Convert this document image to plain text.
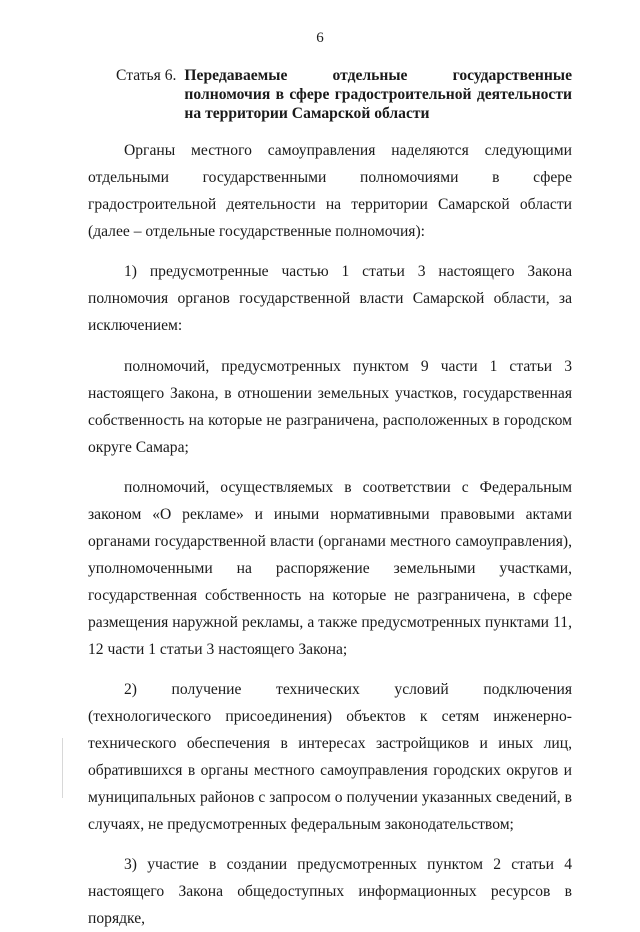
6
Статья 6. Передаваемые отдельные государственные
полномочия в сфере градостроительной деятельности
на территории Самарской области

Органы местного самоуправления наделяются следующими отдельными государственными полномочиями в сфере градостроительной деятельности на территории Самарской области (далее – отдельные государственные полномочия):

1) предусмотренные частью 1 статьи 3 настоящего Закона полномочия органов государственной власти Самарской области, за исключением:

полномочий, предусмотренных пунктом 9 части 1 статьи 3 настоящего Закона, в отношении земельных участков, государственная собственность на которые не разграничена, расположенных в городском округе Самара;

полномочий, осуществляемых в соответствии с Федеральным законом «О рекламе» и иными нормативными правовыми актами органами государственной власти (органами местного самоуправления), уполномоченными на распоряжение земельными участками, государственная собственность на которые не разграничена, в сфере размещения наружной рекламы, а также предусмотренных пунктами 11, 12 части 1 статьи 3 настоящего Закона;

2) получение технических условий подключения (технологического присоединения) объектов к сетям инженерно-технического обеспечения в интересах застройщиков и иных лиц, обратившихся в органы местного самоуправления городских округов и муниципальных районов с запросом о получении указанных сведений, в случаях, не предусмотренных федеральным законодательством;

3) участие в создании предусмотренных пунктом 2 статьи 4 настоящего Закона общедоступных информационных ресурсов в порядке,
